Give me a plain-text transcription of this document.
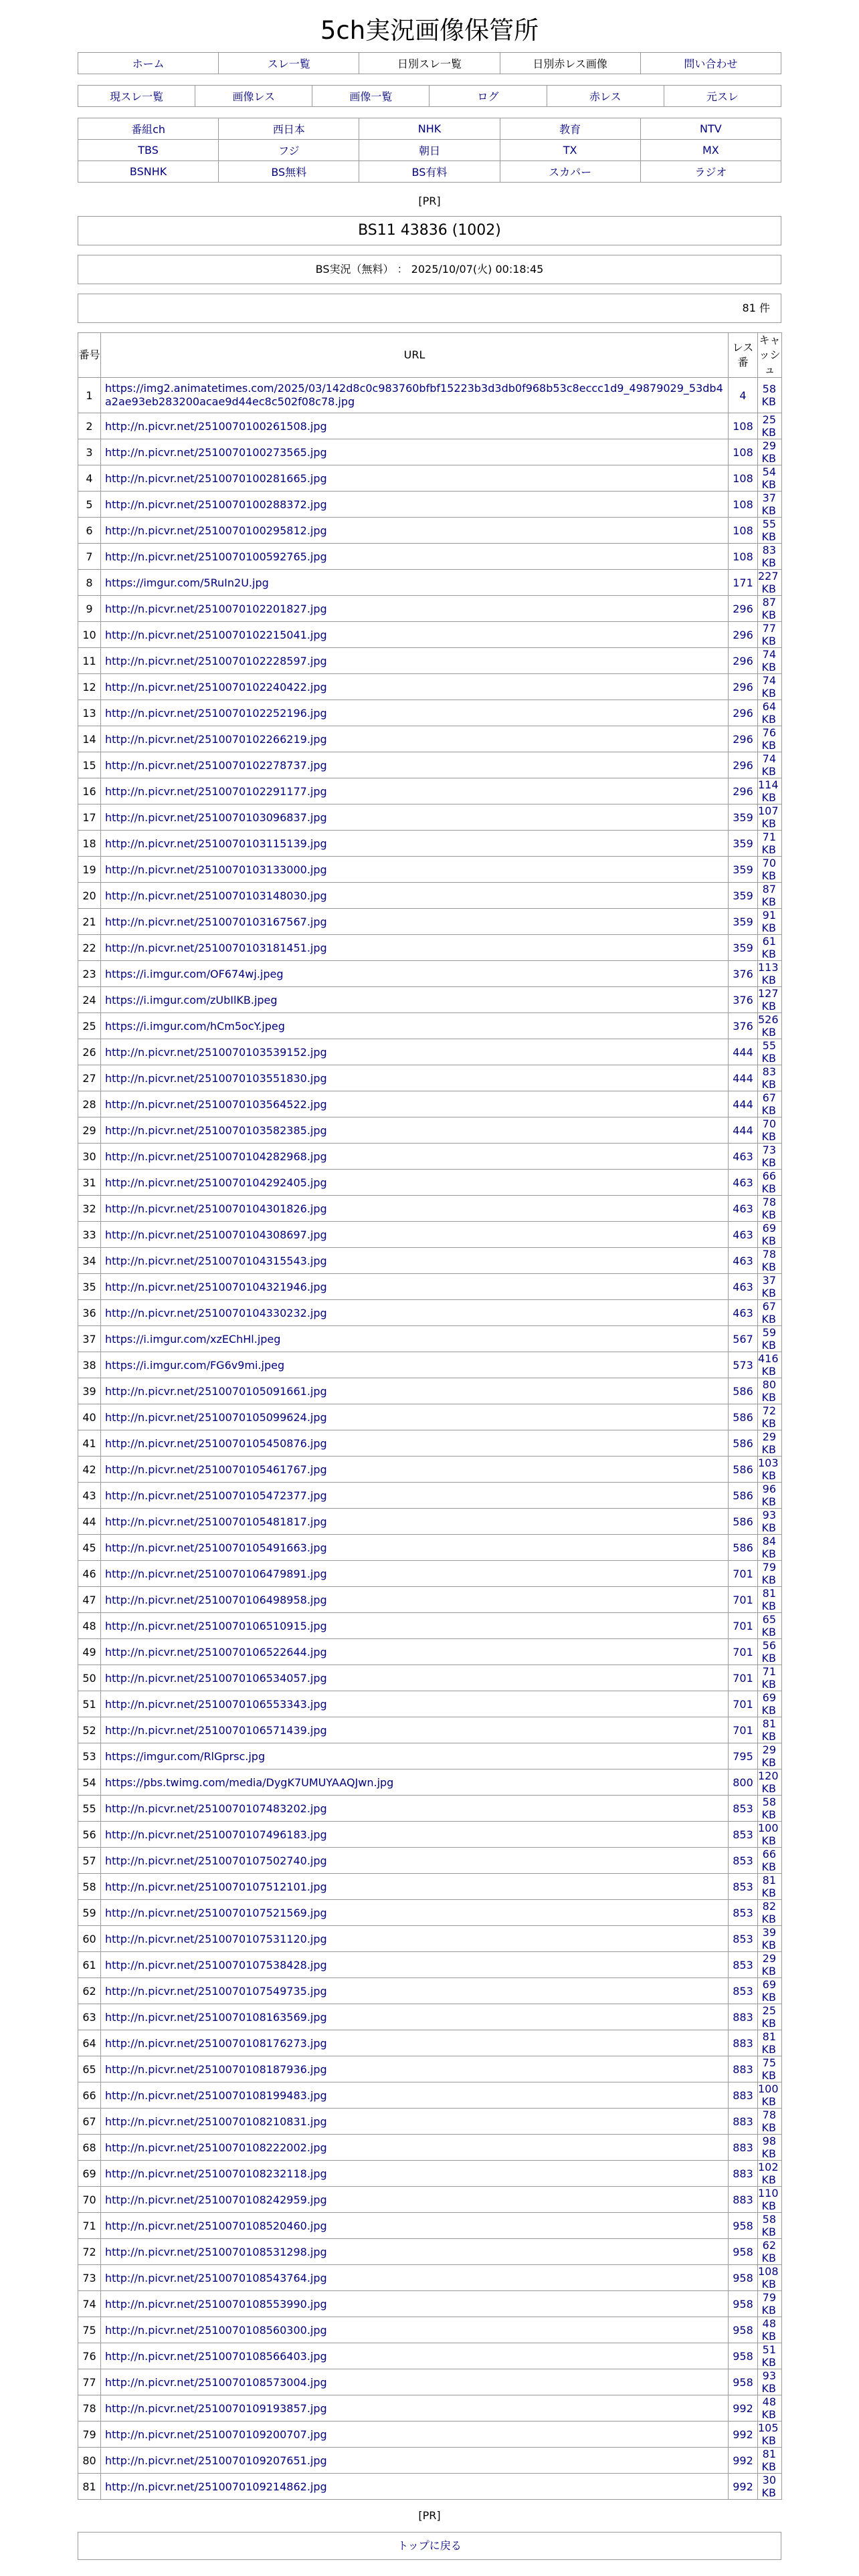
5ch実況画像保管所
ホーム	スレ一覧	日別スレ一覧	日別赤レス画像	問い合わせ
現スレ一覧	画像レス	画像一覧	ログ	赤レス	元スレ
番組ch	西日本	NHK	教育	NTV
TBS	フジ	朝日	TX	MX
BSNHK	BS無料	BS有料	スカパー	ラジオ
[PR]
BS11 43836 (1002)
BS実況（無料） ： 2025/10/07(火) 00:18:45
81 件
番号	URL	レス番	キャッシュ
1	https://img2.animatetimes.com/2025/03/142d8c0c983760bfbf15223b3d3db0f968b53c8eccc1d9_49879029_53db4a2ae93eb283200acae9d44ec8c502f08c78.jpg	4	58 KB
2	http://n.picvr.net/2510070100261508.jpg	108	25 KB
3	http://n.picvr.net/2510070100273565.jpg	108	29 KB
4	http://n.picvr.net/2510070100281665.jpg	108	54 KB
5	http://n.picvr.net/2510070100288372.jpg	108	37 KB
6	http://n.picvr.net/2510070100295812.jpg	108	55 KB
7	http://n.picvr.net/2510070100592765.jpg	108	83 KB
8	https://imgur.com/5RuIn2U.jpg	171	227 KB
9	http://n.picvr.net/2510070102201827.jpg	296	87 KB
10	http://n.picvr.net/2510070102215041.jpg	296	77 KB
11	http://n.picvr.net/2510070102228597.jpg	296	74 KB
12	http://n.picvr.net/2510070102240422.jpg	296	74 KB
13	http://n.picvr.net/2510070102252196.jpg	296	64 KB
14	http://n.picvr.net/2510070102266219.jpg	296	76 KB
15	http://n.picvr.net/2510070102278737.jpg	296	74 KB
16	http://n.picvr.net/2510070102291177.jpg	296	114 KB
17	http://n.picvr.net/2510070103096837.jpg	359	107 KB
18	http://n.picvr.net/2510070103115139.jpg	359	71 KB
19	http://n.picvr.net/2510070103133000.jpg	359	70 KB
20	http://n.picvr.net/2510070103148030.jpg	359	87 KB
21	http://n.picvr.net/2510070103167567.jpg	359	91 KB
22	http://n.picvr.net/2510070103181451.jpg	359	61 KB
23	https://i.imgur.com/OF674wj.jpeg	376	113 KB
24	https://i.imgur.com/zUbIlKB.jpeg	376	127 KB
25	https://i.imgur.com/hCm5ocY.jpeg	376	526 KB
26	http://n.picvr.net/2510070103539152.jpg	444	55 KB
27	http://n.picvr.net/2510070103551830.jpg	444	83 KB
28	http://n.picvr.net/2510070103564522.jpg	444	67 KB
29	http://n.picvr.net/2510070103582385.jpg	444	70 KB
30	http://n.picvr.net/2510070104282968.jpg	463	73 KB
31	http://n.picvr.net/2510070104292405.jpg	463	66 KB
32	http://n.picvr.net/2510070104301826.jpg	463	78 KB
33	http://n.picvr.net/2510070104308697.jpg	463	69 KB
34	http://n.picvr.net/2510070104315543.jpg	463	78 KB
35	http://n.picvr.net/2510070104321946.jpg	463	37 KB
36	http://n.picvr.net/2510070104330232.jpg	463	67 KB
37	https://i.imgur.com/xzEChHl.jpeg	567	59 KB
38	https://i.imgur.com/FG6v9mi.jpeg	573	416 KB
39	http://n.picvr.net/2510070105091661.jpg	586	80 KB
40	http://n.picvr.net/2510070105099624.jpg	586	72 KB
41	http://n.picvr.net/2510070105450876.jpg	586	29 KB
42	http://n.picvr.net/2510070105461767.jpg	586	103 KB
43	http://n.picvr.net/2510070105472377.jpg	586	96 KB
44	http://n.picvr.net/2510070105481817.jpg	586	93 KB
45	http://n.picvr.net/2510070105491663.jpg	586	84 KB
46	http://n.picvr.net/2510070106479891.jpg	701	79 KB
47	http://n.picvr.net/2510070106498958.jpg	701	81 KB
48	http://n.picvr.net/2510070106510915.jpg	701	65 KB
49	http://n.picvr.net/2510070106522644.jpg	701	56 KB
50	http://n.picvr.net/2510070106534057.jpg	701	71 KB
51	http://n.picvr.net/2510070106553343.jpg	701	69 KB
52	http://n.picvr.net/2510070106571439.jpg	701	81 KB
53	https://imgur.com/RlGprsc.jpg	795	29 KB
54	https://pbs.twimg.com/media/DygK7UMUYAAQJwn.jpg	800	120 KB
55	http://n.picvr.net/2510070107483202.jpg	853	58 KB
56	http://n.picvr.net/2510070107496183.jpg	853	100 KB
57	http://n.picvr.net/2510070107502740.jpg	853	66 KB
58	http://n.picvr.net/2510070107512101.jpg	853	81 KB
59	http://n.picvr.net/2510070107521569.jpg	853	82 KB
60	http://n.picvr.net/2510070107531120.jpg	853	39 KB
61	http://n.picvr.net/2510070107538428.jpg	853	29 KB
62	http://n.picvr.net/2510070107549735.jpg	853	69 KB
63	http://n.picvr.net/2510070108163569.jpg	883	25 KB
64	http://n.picvr.net/2510070108176273.jpg	883	81 KB
65	http://n.picvr.net/2510070108187936.jpg	883	75 KB
66	http://n.picvr.net/2510070108199483.jpg	883	100 KB
67	http://n.picvr.net/2510070108210831.jpg	883	78 KB
68	http://n.picvr.net/2510070108222002.jpg	883	98 KB
69	http://n.picvr.net/2510070108232118.jpg	883	102 KB
70	http://n.picvr.net/2510070108242959.jpg	883	110 KB
71	http://n.picvr.net/2510070108520460.jpg	958	58 KB
72	http://n.picvr.net/2510070108531298.jpg	958	62 KB
73	http://n.picvr.net/2510070108543764.jpg	958	108 KB
74	http://n.picvr.net/2510070108553990.jpg	958	79 KB
75	http://n.picvr.net/2510070108560300.jpg	958	48 KB
76	http://n.picvr.net/2510070108566403.jpg	958	51 KB
77	http://n.picvr.net/2510070108573004.jpg	958	93 KB
78	http://n.picvr.net/2510070109193857.jpg	992	48 KB
79	http://n.picvr.net/2510070109200707.jpg	992	105 KB
80	http://n.picvr.net/2510070109207651.jpg	992	81 KB
81	http://n.picvr.net/2510070109214862.jpg	992	30 KB
[PR]
トップに戻る
